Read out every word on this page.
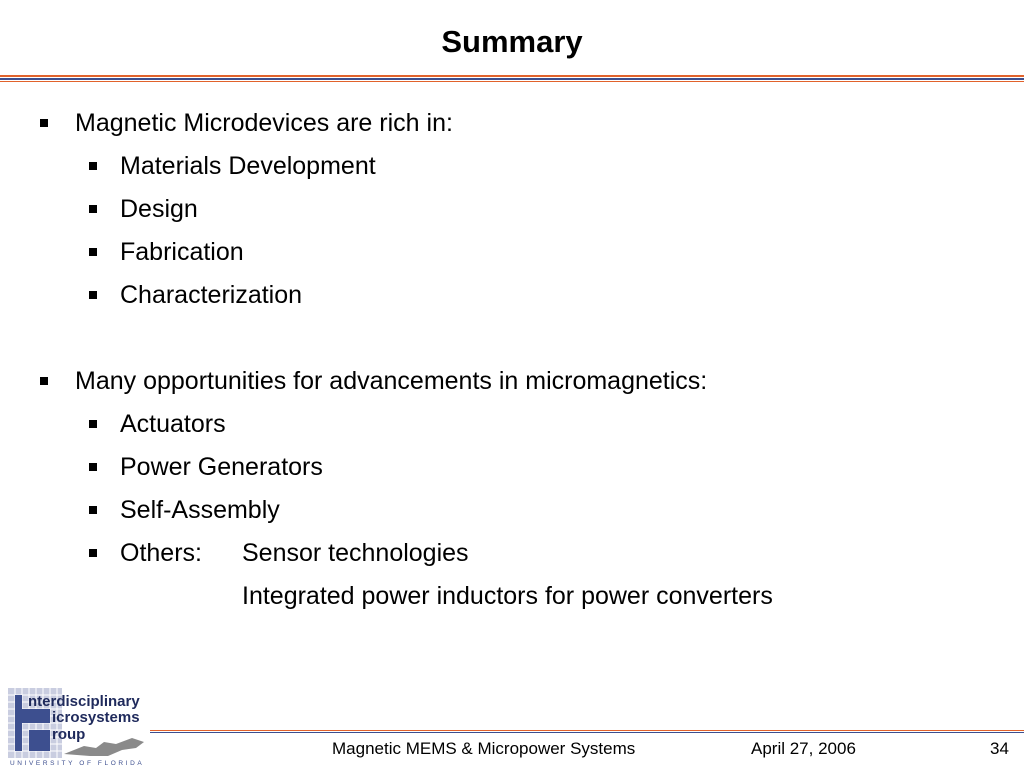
Summary
Magnetic Microdevices are rich in:
Materials Development
Design
Fabrication
Characterization
Many opportunities for advancements in micromagnetics:
Actuators
Power Generators
Self-Assembly
Others: Sensor technologies
Integrated power inductors for power converters
nterdisciplinary
icrosystems
roup
UNIVERSITY OF FLORIDA
Magnetic MEMS & Micropower Systems	April 27, 2006	34
